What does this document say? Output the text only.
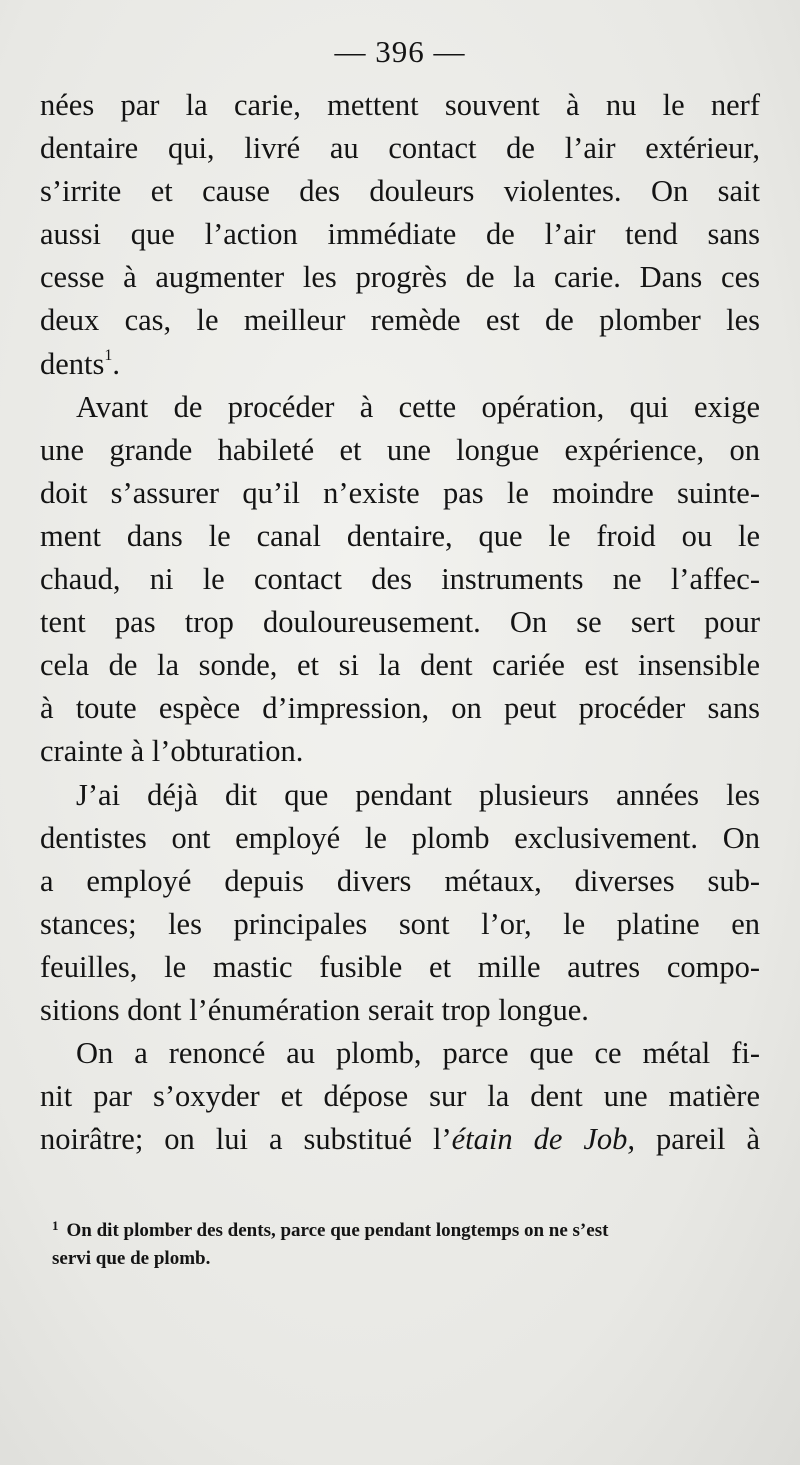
— 396 —

nées par la carie, mettent souvent à nu le nerf
dentaire qui, livré au contact de l’air extérieur,
s’irrite et cause des douleurs violentes. On sait
aussi que l’action immédiate de l’air tend sans
cesse à augmenter les progrès de la carie. Dans ces
deux cas, le meilleur remède est de plomber les
dents$^1$.

Avant de procéder à cette opération, qui exige
une grande habileté et une longue expérience, on
doit s’assurer qu’il n’existe pas le moindre suinte-
ment dans le canal dentaire, que le froid ou le
chaud, ni le contact des instruments ne l’affec-
tent pas trop douloureusement. On se sert pour
cela de la sonde, et si la dent cariée est insensible
à toute espèce d’impression, on peut procéder sans
crainte à l’obturation.

J’ai déjà dit que pendant plusieurs années les
dentistes ont employé le plomb exclusivement. On
a employé depuis divers métaux, diverses sub-
stances; les principales sont l’or, le platine en
feuilles, le mastic fusible et mille autres compo-
sitions dont l’énumération serait trop longue.

On a renoncé au plomb, parce que ce métal fi-
nit par s’oxyder et dépose sur la dent une matière
noirâtre; on lui a substitué l’étain de Job, pareil à

$^1$ On dit plomber des dents, parce que pendant longtemps on ne s’est
servi que de plomb.
